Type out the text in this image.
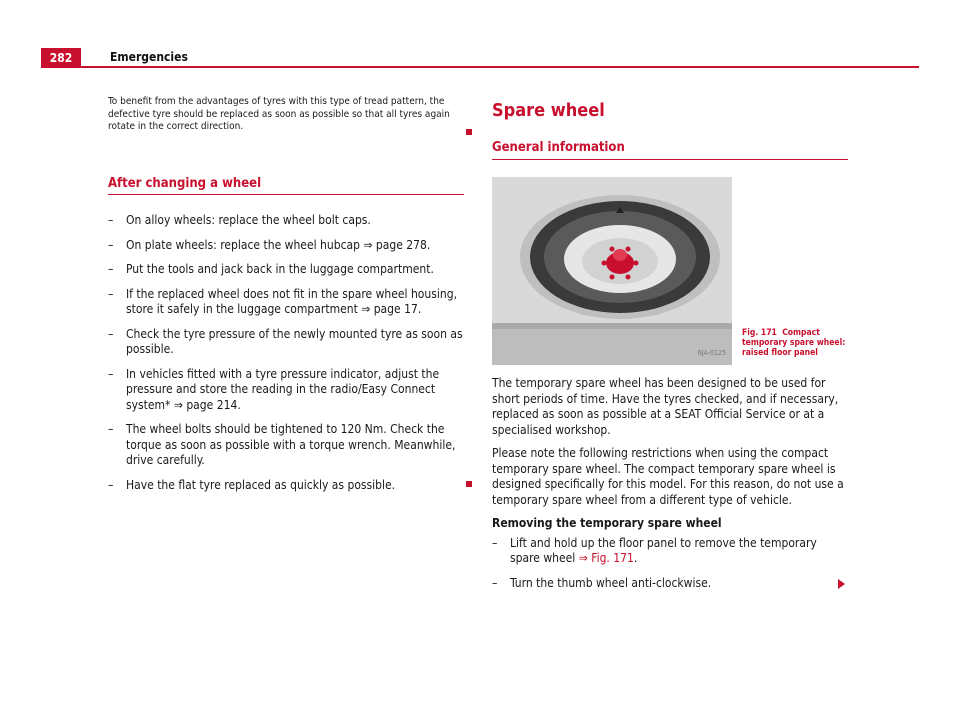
282	Emergencies

To benefit from the advantages of tyres with this type of tread pattern, the defective tyre should be replaced as soon as possible so that all tyres again rotate in the correct direction.

After changing a wheel
– On alloy wheels: replace the wheel bolt caps.
– On plate wheels: replace the wheel hubcap ⇒ page 278.
– Put the tools and jack back in the luggage compartment.
– If the replaced wheel does not fit in the spare wheel housing, store it safely in the luggage compartment ⇒ page 17.
– Check the tyre pressure of the newly mounted tyre as soon as possible.
– In vehicles fitted with a tyre pressure indicator, adjust the pressure and store the reading in the radio/Easy Connect system* ⇒ page 214.
– The wheel bolts should be tightened to 120 Nm. Check the torque as soon as possible with a torque wrench. Meanwhile, drive carefully.
– Have the flat tyre replaced as quickly as possible.
Spare wheel
General information
6JA-0125
Fig. 171 Compact temporary spare wheel: raised floor panel

The temporary spare wheel has been designed to be used for short periods of time. Have the tyres checked, and if necessary, replaced as soon as possible at a SEAT Official Service or at a specialised workshop.

Please note the following restrictions when using the compact temporary spare wheel. The compact temporary spare wheel is designed specifically for this model. For this reason, do not use a temporary spare wheel from a different type of vehicle.

Removing the temporary spare wheel

– Lift and hold up the floor panel to remove the temporary spare wheel ⇒ Fig. 171.
– Turn the thumb wheel anti-clockwise.
